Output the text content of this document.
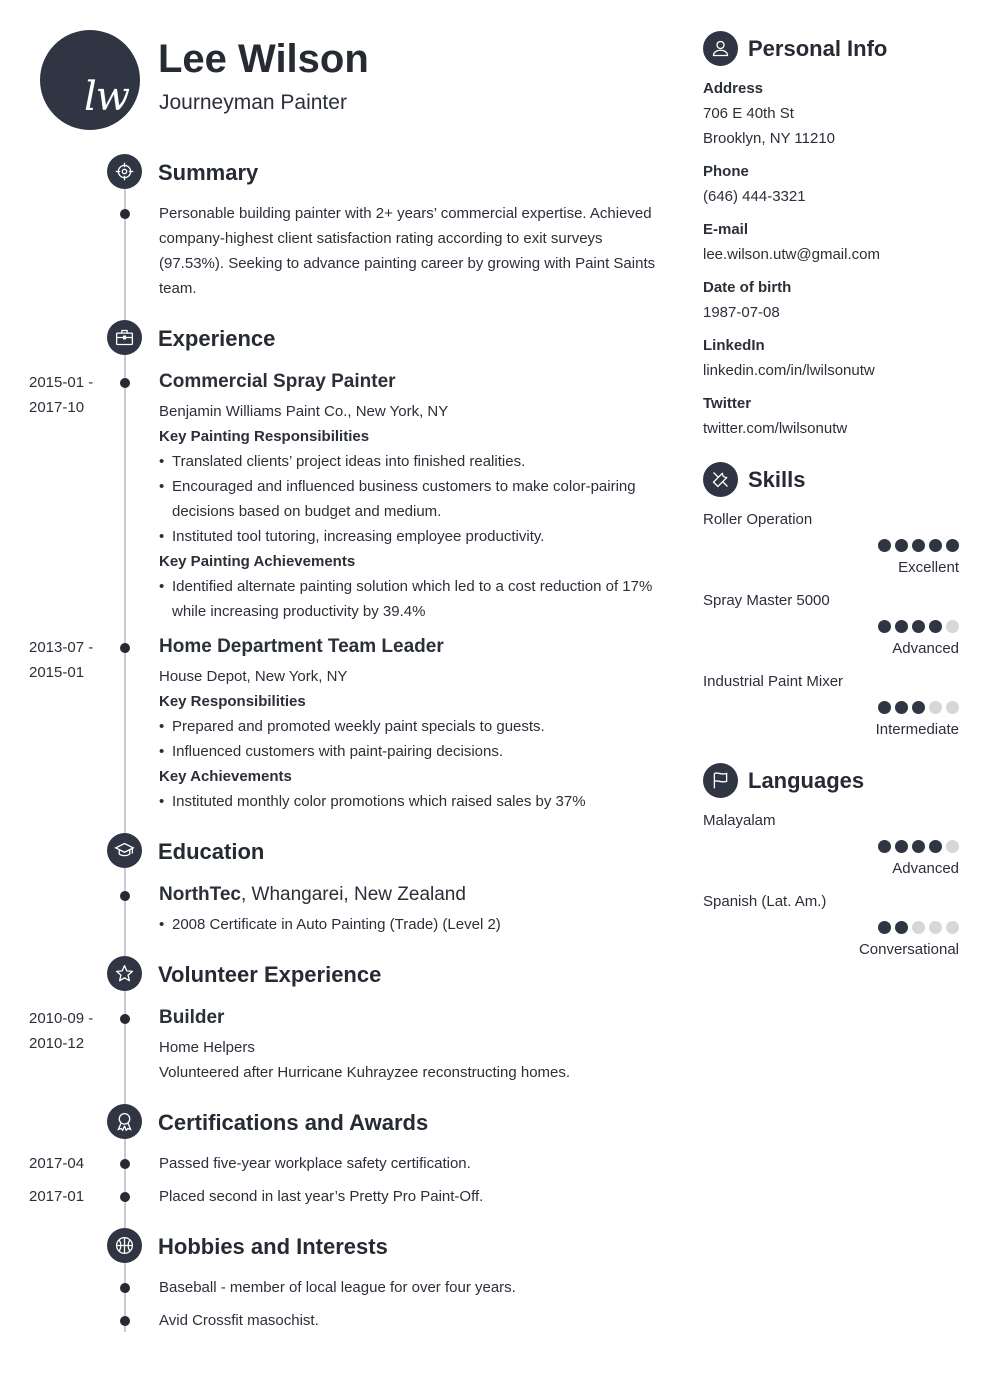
lw
Lee Wilson
Journeyman Painter
Summary
Personable building painter with 2+ years’ commercial expertise. Achieved company-highest client satisfaction rating according to exit surveys (97.53%). Seeking to advance painting career by growing with Paint Saints team.
Experience
2015-01 -
2017-10
Commercial Spray Painter
Benjamin Williams Paint Co., New York, NY
Key Painting Responsibilities
• Translated clients’ project ideas into finished realities.
• Encouraged and influenced business customers to make color-pairing decisions based on budget and medium.
• Instituted tool tutoring, increasing employee productivity.
Key Painting Achievements
• Identified alternate painting solution which led to a cost reduction of 17% while increasing productivity by 39.4%
2013-07 -
2015-01
Home Department Team Leader
House Depot, New York, NY
Key Responsibilities
• Prepared and promoted weekly paint specials to guests.
• Influenced customers with paint-pairing decisions.
Key Achievements
• Instituted monthly color promotions which raised sales by 37%
Education
NorthTec, Whangarei, New Zealand
• 2008 Certificate in Auto Painting (Trade) (Level 2)
Volunteer Experience
2010-09 -
2010-12
Builder
Home Helpers
Volunteered after Hurricane Kuhrayzee reconstructing homes.
Certifications and Awards
2017-04	Passed five-year workplace safety certification.
2017-01	Placed second in last year’s Pretty Pro Paint-Off.
Hobbies and Interests
Baseball - member of local league for over four years.
Avid Crossfit masochist.
Personal Info
Address
706 E 40th St
Brooklyn, NY 11210
Phone
(646) 444-3321
E-mail
lee.wilson.utw@gmail.com
Date of birth
1987-07-08
LinkedIn
linkedin.com/in/lwilsonutw
Twitter
twitter.com/lwilsonutw
Skills
Roller Operation
Excellent
Spray Master 5000
Advanced
Industrial Paint Mixer
Intermediate
Languages
Malayalam
Advanced
Spanish (Lat. Am.)
Conversational
